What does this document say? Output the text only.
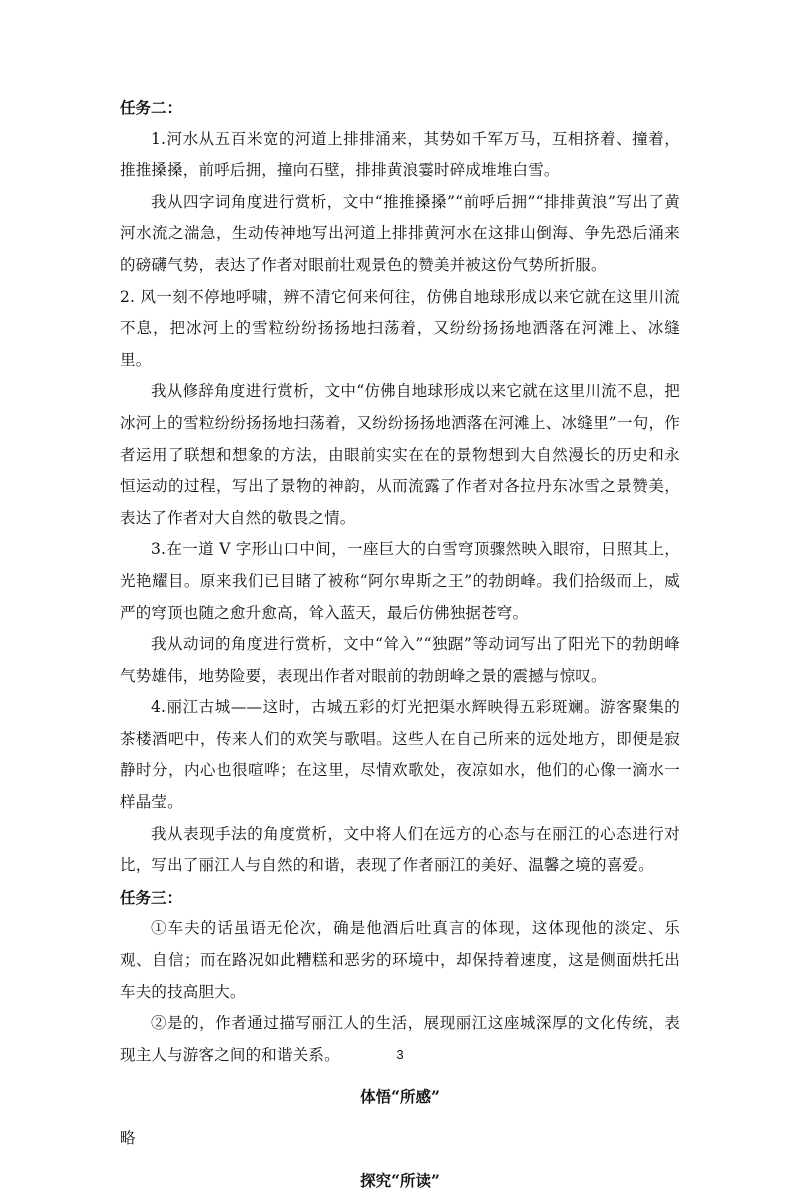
任务二：

1.河水从五百米宽的河道上排排涌来，其势如千军万马，互相挤着、撞着，推推搡搡，前呼后拥，撞向石壁，排排黄浪霎时碎成堆堆白雪。

我从四字词角度进行赏析，文中“推推搡搡”“前呼后拥”“排排黄浪”写出了黄河水流之湍急，生动传神地写出河道上排排黄河水在这排山倒海、争先恐后涌来的磅礴气势，表达了作者对眼前壮观景色的赞美并被这份气势所折服。

2. 风一刻不停地呼啸，辨不清它何来何往，仿佛自地球形成以来它就在这里川流不息，把冰河上的雪粒纷纷扬扬地扫荡着，又纷纷扬扬地洒落在河滩上、冰缝里。

我从修辞角度进行赏析，文中“仿佛自地球形成以来它就在这里川流不息，把冰河上的雪粒纷纷扬扬地扫荡着，又纷纷扬扬地洒落在河滩上、冰缝里”一句，作者运用了联想和想象的方法，由眼前实实在在的景物想到大自然漫长的历史和永恒运动的过程，写出了景物的神韵，从而流露了作者对各拉丹东冰雪之景赞美，表达了作者对大自然的敬畏之情。

3.在一道 V 字形山口中间，一座巨大的白雪穹顶骤然映入眼帘，日照其上，光艳耀目。原来我们已目睹了被称“阿尔卑斯之王”的勃朗峰。我们拾级而上，威严的穹顶也随之愈升愈高，耸入蓝天，最后仿佛独据苍穹。

我从动词的角度进行赏析，文中“耸入”“独踞”等动词写出了阳光下的勃朗峰气势雄伟，地势险要，表现出作者对眼前的勃朗峰之景的震撼与惊叹。

4.丽江古城——这时，古城五彩的灯光把渠水辉映得五彩斑斓。游客聚集的茶楼酒吧中，传来人们的欢笑与歌唱。这些人在自己所来的远处地方，即便是寂静时分，内心也很喧哗；在这里，尽情欢歌处，夜凉如水，他们的心像一滴水一样晶莹。

我从表现手法的角度赏析，文中将人们在远方的心态与在丽江的心态进行对比，写出了丽江人与自然的和谐，表现了作者丽江的美好、温馨之境的喜爱。

任务三：

①车夫的话虽语无伦次，确是他酒后吐真言的体现，这体现他的淡定、乐观、自信；而在路况如此糟糕和恶劣的环境中，却保持着速度，这是侧面烘托出车夫的技高胆大。

②是的，作者通过描写丽江人的生活，展现丽江这座城深厚的文化传统，表现主人与游客之间的和谐关系。

体悟“所感”

略

探究“所读”

3
